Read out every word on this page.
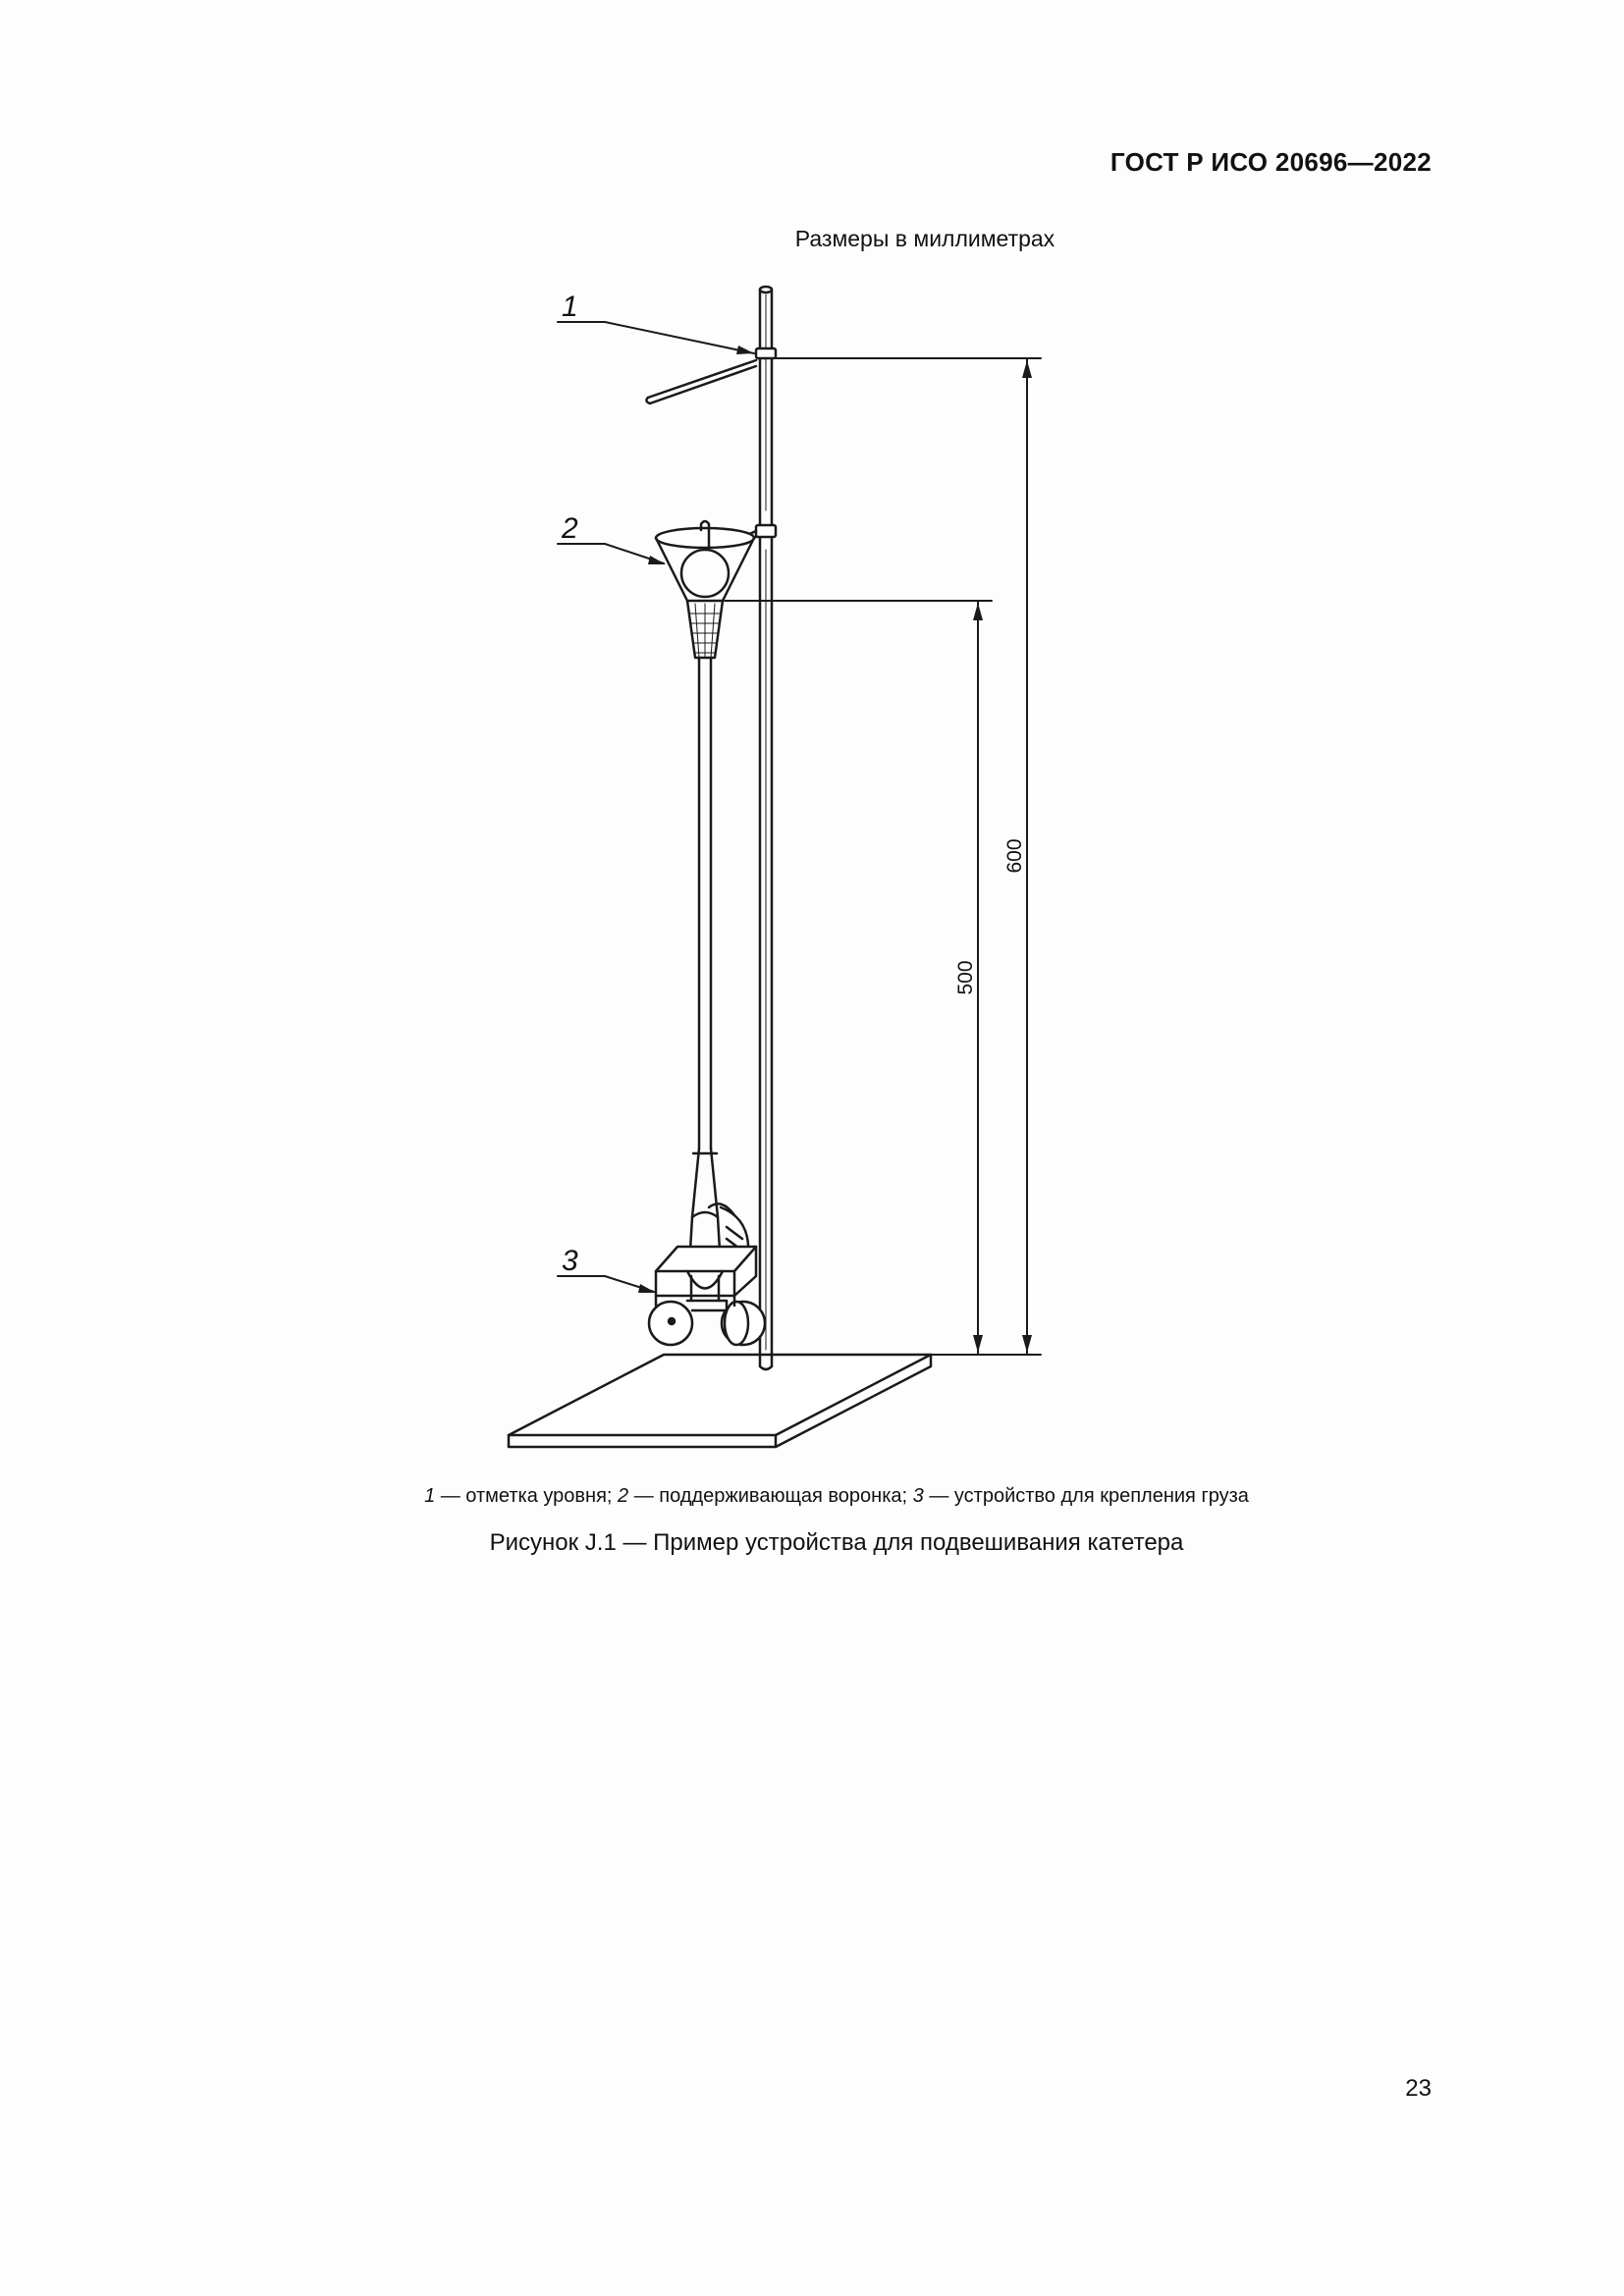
ГОСТ Р ИСО 20696—2022
Размеры в миллиметрах
1
2
3
600
500
1 — отметка уровня; 2 — поддерживающая воронка; 3 — устройство для крепления груза
Рисунок J.1 — Пример устройства для подвешивания катетера
23
